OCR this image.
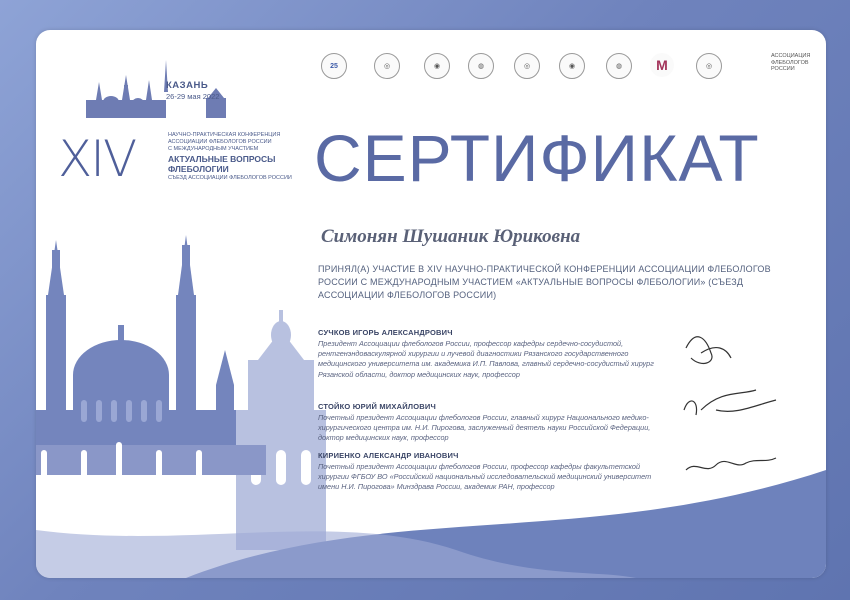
25	◎	◉	◍	◎	◉	◍	M	◎
АССОЦИАЦИЯ ФЛЕБОЛОГОВ РОССИИ
КАЗАНЬ
26-29 мая 2022
XIV	НАУЧНО-ПРАКТИЧЕСКАЯ КОНФЕРЕНЦИЯ
АССОЦИАЦИИ ФЛЕБОЛОГОВ РОССИИ
С МЕЖДУНАРОДНЫМ УЧАСТИЕМ
АКТУАЛЬНЫЕ ВОПРОСЫ
ФЛЕБОЛОГИИ
СЪЕЗД АССОЦИАЦИИ ФЛЕБОЛОГОВ РОССИИ СЕРТИФИКАТ
Симонян Шушаник Юриковна
ПРИНЯЛ(А) УЧАСТИЕ В XIV НАУЧНО-ПРАКТИЧЕСКОЙ КОНФЕРЕНЦИИ АССОЦИАЦИИ ФЛЕБОЛОГОВ РОССИИ С МЕЖДУНАРОДНЫМ УЧАСТИЕМ «АКТУАЛЬНЫЕ ВОПРОСЫ ФЛЕБОЛОГИИ» (СЪЕЗД АССОЦИАЦИИ ФЛЕБОЛОГОВ РОССИИ)
СУЧКОВ ИГОРЬ АЛЕКСАНДРОВИЧ
Президент Ассоциации флебологов России, профессор кафедры сердечно-сосудистой, рентгенэндоваскулярной хирургии и лучевой диагностики Рязанского государственного медицинского университета им. академика И.П. Павлова, главный сердечно-сосудистый хирург Рязанской области, доктор медицинских наук, профессор
СТОЙКО ЮРИЙ МИХАЙЛОВИЧ
Почетный президент Ассоциации флебологов России, главный хирург Национального медико-хирургического центра им. Н.И. Пирогова, заслуженный деятель науки Российской Федерации, доктор медицинских наук, профессор
КИРИЕНКО АЛЕКСАНДР ИВАНОВИЧ
Почетный президент Ассоциации флебологов России, профессор кафедры факультетской хирургии ФГБОУ ВО «Российский национальный исследовательский медицинский университет имени Н.И. Пирогова» Минздрава России, академик РАН, профессор
